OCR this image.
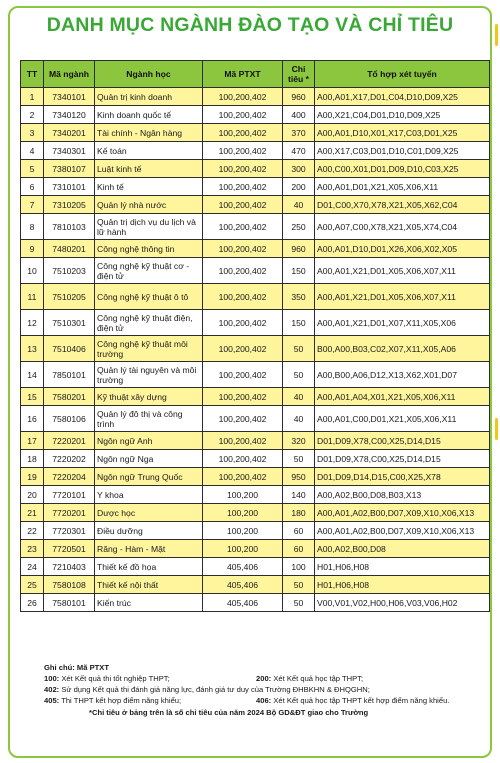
DANH MỤC NGÀNH ĐÀO TẠO VÀ CHỈ TIÊU
TT	Mã ngành	Ngành học	Mã PTXT	Chỉ tiêu *	Tổ hợp xét tuyển
1	7340101	Quản trị kinh doanh	100,200,402	960	A00,A01,X17,D01,C04,D10,D09,X25
2	7340120	Kinh doanh quốc tế	100,200,402	400	A00,X21,C04,D01,D10,D09,X25
3	7340201	Tài chính - Ngân hàng	100,200,402	370	A00,A01,D10,X01,X17,C03,D01,X25
4	7340301	Kế toán	100,200,402	470	A00,X17,C03,D01,D10,C01,D09,X25
5	7380107	Luật kinh tế	100,200,402	300	A00,C00,X01,D01,D09,D10,C03,X25
6	7310101	Kinh tế	100,200,402	200	A00,A01,D01,X21,X05,X06,X11
7	7310205	Quản lý nhà nước	100,200,402	40	D01,C00,X70,X78,X21,X05,X62,C04
8	7810103	Quản trị dịch vụ du lịch và lữ hành	100,200,402	250	A00,A07,C00,X78,X21,X05,X74,C04
9	7480201	Công nghệ thông tin	100,200,402	960	A00,A01,D10,D01,X26,X06,X02,X05
10	7510203	Công nghệ kỹ thuật cơ - điện tử	100,200,402	150	A00,A01,X21,D01,X05,X06,X07,X11
11	7510205	Công nghệ kỹ thuật ô tô	100,200,402	350	A00,A01,X21,D01,X05,X06,X07,X11
12	7510301	Công nghệ kỹ thuật điện, điện tử	100,200,402	150	A00,A01,X21,D01,X07,X11,X05,X06
13	7510406	Công nghệ kỹ thuật môi trường	100,200,402	50	B00,A00,B03,C02,X07,X11,X05,A06
14	7850101	Quản lý tài nguyên và môi trường	100,200,402	50	A00,B00,A06,D12,X13,X62,X01,D07
15	7580201	Kỹ thuật xây dựng	100,200,402	40	A00,A01,A04,X01,X21,X05,X06,X11
16	7580106	Quản lý đô thị và công trình	100,200,402	40	A00,A01,C00,D01,X21,X05,X06,X11
17	7220201	Ngôn ngữ Anh	100,200,402	320	D01,D09,X78,C00,X25,D14,D15
18	7220202	Ngôn ngữ Nga	100,200,402	50	D01,D09,X78,C00,X25,D14,D15
19	7220204	Ngôn ngữ Trung Quốc	100,200,402	950	D01,D09,D14,D15,C00,X25,X78
20	7720101	Y khoa	100,200	140	A00,A02,B00,D08,B03,X13
21	7720201	Dược học	100,200	180	A00,A01,A02,B00,D07,X09,X10,X06,X13
22	7720301	Điều dưỡng	100,200	60	A00,A01,A02,B00,D07,X09,X10,X06,X13
23	7720501	Răng - Hàm - Mặt	100,200	60	A00,A02,B00,D08
24	7210403	Thiết kế đồ họa	405,406	100	H01,H06,H08
25	7580108	Thiết kế nội thất	405,406	50	H01,H06,H08
26	7580101	Kiến trúc	405,406	50	V00,V01,V02,H00,H06,V03,V06,H02
Ghi chú: Mã PTXT
100: Xét Kết quả thi tốt nghiệp THPT;	200: Xét Kết quả học tập THPT;
402: Sử dụng Kết quả thi đánh giá năng lực, đánh giá tư duy của Trường ĐHBKHN & ĐHQGHN;
405: Thi THPT kết hợp điểm năng khiếu;	406: Xét Kết quả học tập THPT kết hợp điểm năng khiếu.
*Chỉ tiêu ở bảng trên là số chỉ tiêu của năm 2024 Bộ GD&ĐT giao cho Trường
